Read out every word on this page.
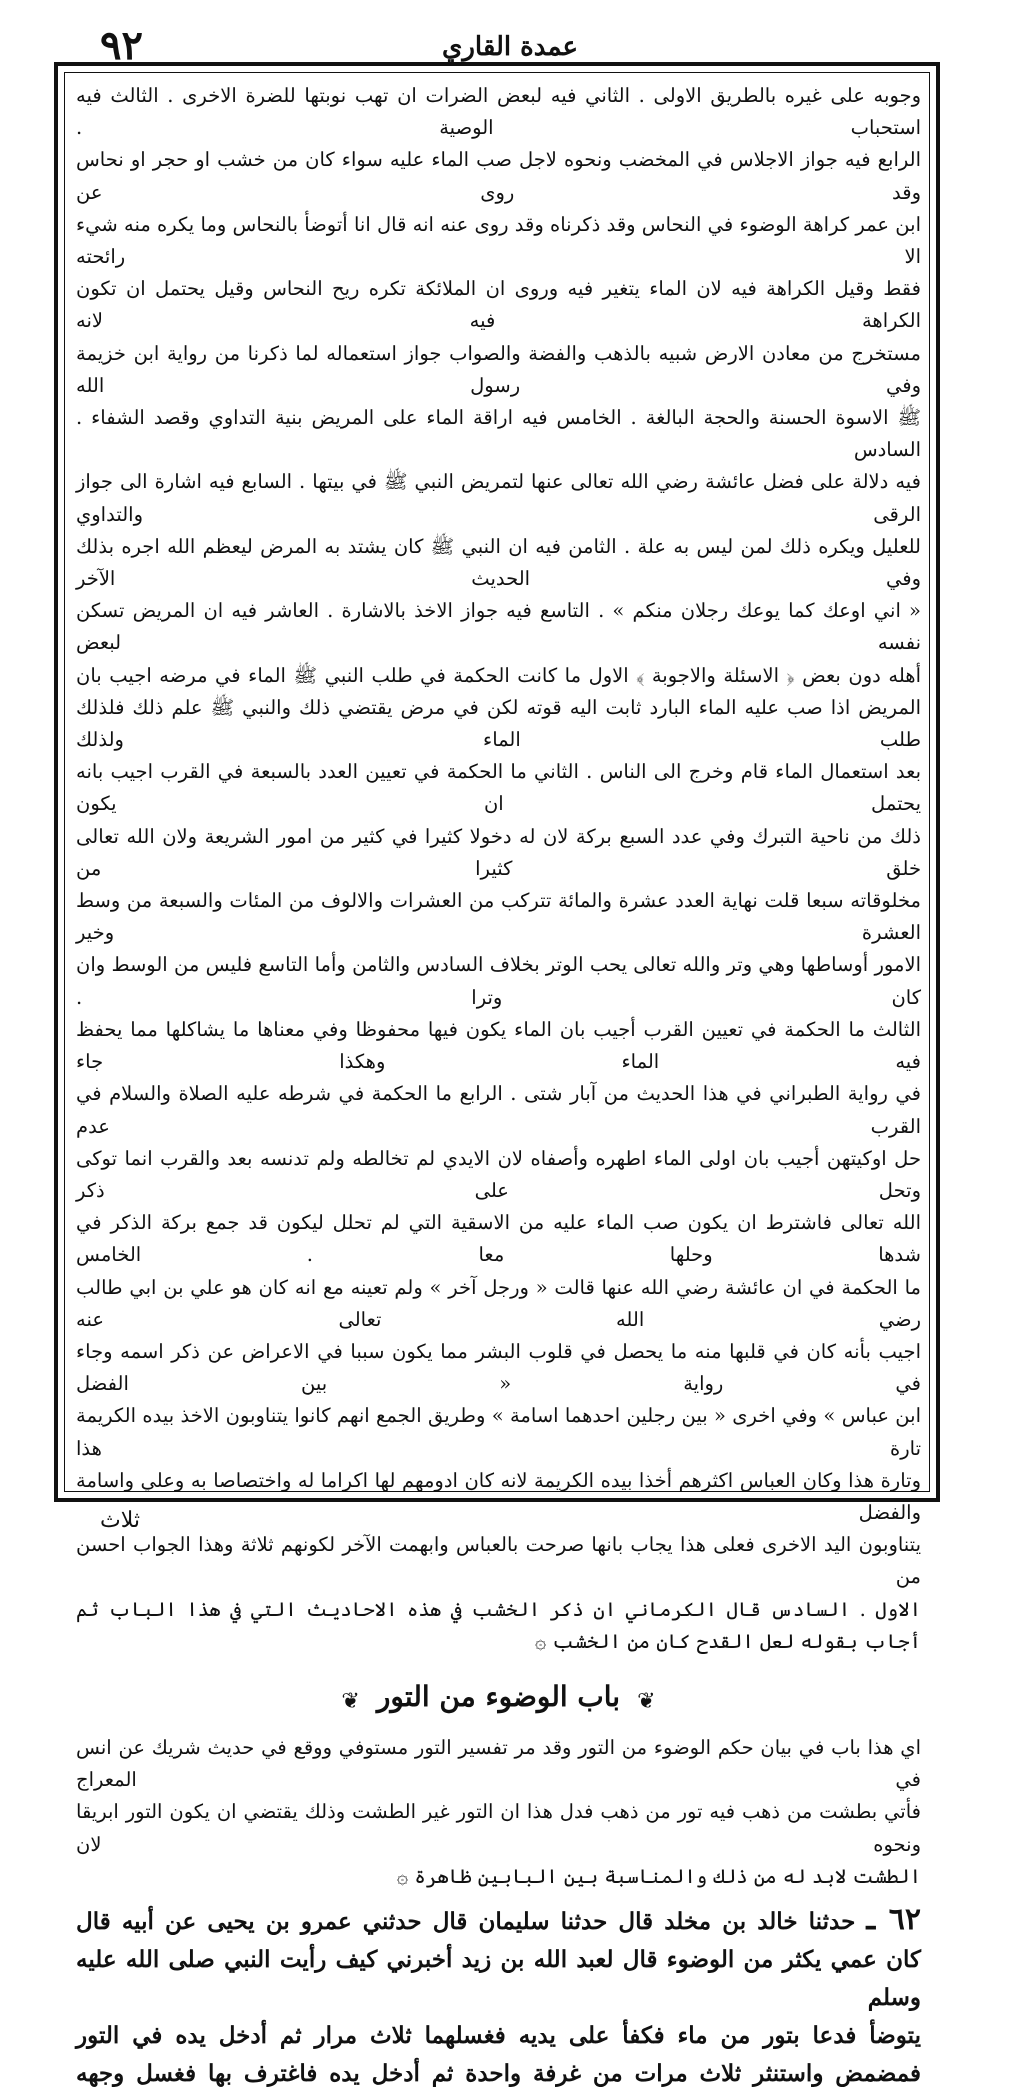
٩٢	عمدة القاري

وجوبه على غيره بالطريق الاولى . الثاني فيه لبعض الضرات ان تهب نوبتها للضرة الاخرى . الثالث فيه استحباب الوصية .

الرابع فيه جواز الاجلاس في المخضب ونحوه لاجل صب الماء عليه سواء كان من خشب او حجر او نحاس وقد روى عن

ابن عمر كراهة الوضوء في النحاس وقد ذكرناه وقد روى عنه انه قال انا أتوضأ بالنحاس وما يكره منه شيء الا رائحته

فقط وقيل الكراهة فيه لان الماء يتغير فيه وروى ان الملائكة تكره ريح النحاس وقيل يحتمل ان تكون الكراهة فيه لانه

مستخرج من معادن الارض شبيه بالذهب والفضة والصواب جواز استعماله لما ذكرنا من رواية ابن خزيمة وفي رسول الله

ﷺ الاسوة الحسنة والحجة البالغة . الخامس فيه اراقة الماء على المريض بنية التداوي وقصد الشفاء . السادس

فيه دلالة على فضل عائشة رضي الله تعالى عنها لتمريض النبي ﷺ في بيتها . السابع فيه اشارة الى جواز الرقى والتداوي

للعليل ويكره ذلك لمن ليس به علة . الثامن فيه ان النبي ﷺ كان يشتد به المرض ليعظم الله اجره بذلك وفي الحديث الآخر

« اني اوعك كما يوعك رجلان منكم » . التاسع فيه جواز الاخذ بالاشارة . العاشر فيه ان المريض تسكن نفسه لبعض

أهله دون بعض ﴿ الاسئلة والاجوبة ﴾ الاول ما كانت الحكمة في طلب النبي ﷺ الماء في مرضه اجيب بان

المريض اذا صب عليه الماء البارد ثابت اليه قوته لكن في مرض يقتضي ذلك والنبي ﷺ علم ذلك فلذلك طلب الماء ولذلك

بعد استعمال الماء قام وخرج الى الناس . الثاني ما الحكمة في تعيين العدد بالسبعة في القرب اجيب بانه يحتمل ان يكون

ذلك من ناحية التبرك وفي عدد السبع بركة لان له دخولا كثيرا في كثير من امور الشريعة ولان الله تعالى خلق كثيرا من

مخلوقاته سبعا قلت نهاية العدد عشرة والمائة تتركب من العشرات والالوف من المئات والسبعة من وسط العشرة وخير

الامور أوساطها وهي وتر والله تعالى يحب الوتر بخلاف السادس والثامن وأما التاسع فليس من الوسط وان كان وترا .

الثالث ما الحكمة في تعيين القرب أجيب بان الماء يكون فيها محفوظا وفي معناها ما يشاكلها مما يحفظ فيه الماء وهكذا جاء

في رواية الطبراني في هذا الحديث من آبار شتى . الرابع ما الحكمة في شرطه عليه الصلاة والسلام في القرب عدم

حل اوكيتهن أجيب بان اولى الماء اطهره وأصفاه لان الايدي لم تخالطه ولم تدنسه بعد والقرب انما توكى وتحل على ذكر

الله تعالى فاشترط ان يكون صب الماء عليه من الاسقية التي لم تحلل ليكون قد جمع بركة الذكر في شدها وحلها معا . الخامس

ما الحكمة في ان عائشة رضي الله عنها قالت « ورجل آخر » ولم تعينه مع انه كان هو علي بن ابي طالب رضي الله تعالى عنه

اجيب بأنه كان في قلبها منه ما يحصل في قلوب البشر مما يكون سببا في الاعراض عن ذكر اسمه وجاء في رواية « بين الفضل

ابن عباس » وفي اخرى « بين رجلين احدهما اسامة » وطريق الجمع انهم كانوا يتناوبون الاخذ بيده الكريمة تارة هذا

وتارة هذا وكان العباس اكثرهم أخذا بيده الكريمة لانه كان ادومهم لها اكراما له واختصاصا به وعلي واسامة والفضل

يتناوبون اليد الاخرى فعلى هذا يجاب بانها صرحت بالعباس وابهمت الآخر لكونهم ثلاثة وهذا الجواب احسن من

الاول . السادس قال الكرماني ان ذكر الخشب في هذه الاحاديث التي في هذا الباب ثم أجاب بقوله لعل القدح كان من الخشب ۞

❦ باب الوضوء من التور ❦

اي هذا باب في بيان حكم الوضوء من التور وقد مر تفسير التور مستوفي ووقع في حديث شريك عن انس في المعراج

فأتي بطشت من ذهب فيه تور من ذهب فدل هذا ان التور غير الطشت وذلك يقتضي ان يكون التور ابريقا ونحوه لان

الطشت لابد له من ذلك والمناسبة بين البابين ظاهرة ۞

٦٢ ـ حدثنا خالد بن مخلد قال حدثنا سليمان قال حدثني عمرو بن يحيى عن أبيه قال

كان عمي يكثر من الوضوء قال لعبد الله بن زيد أخبرني كيف رأيت النبي صلى الله عليه وسلم

يتوضأ فدعا بتور من ماء فكفأ على يديه فغسلهما ثلاث مرار ثم أدخل يده في التور

فمضمض واستنثر ثلاث مرات من غرفة واحدة ثم أدخل يده فاغترف بها فغسل وجهه

ثلاث
